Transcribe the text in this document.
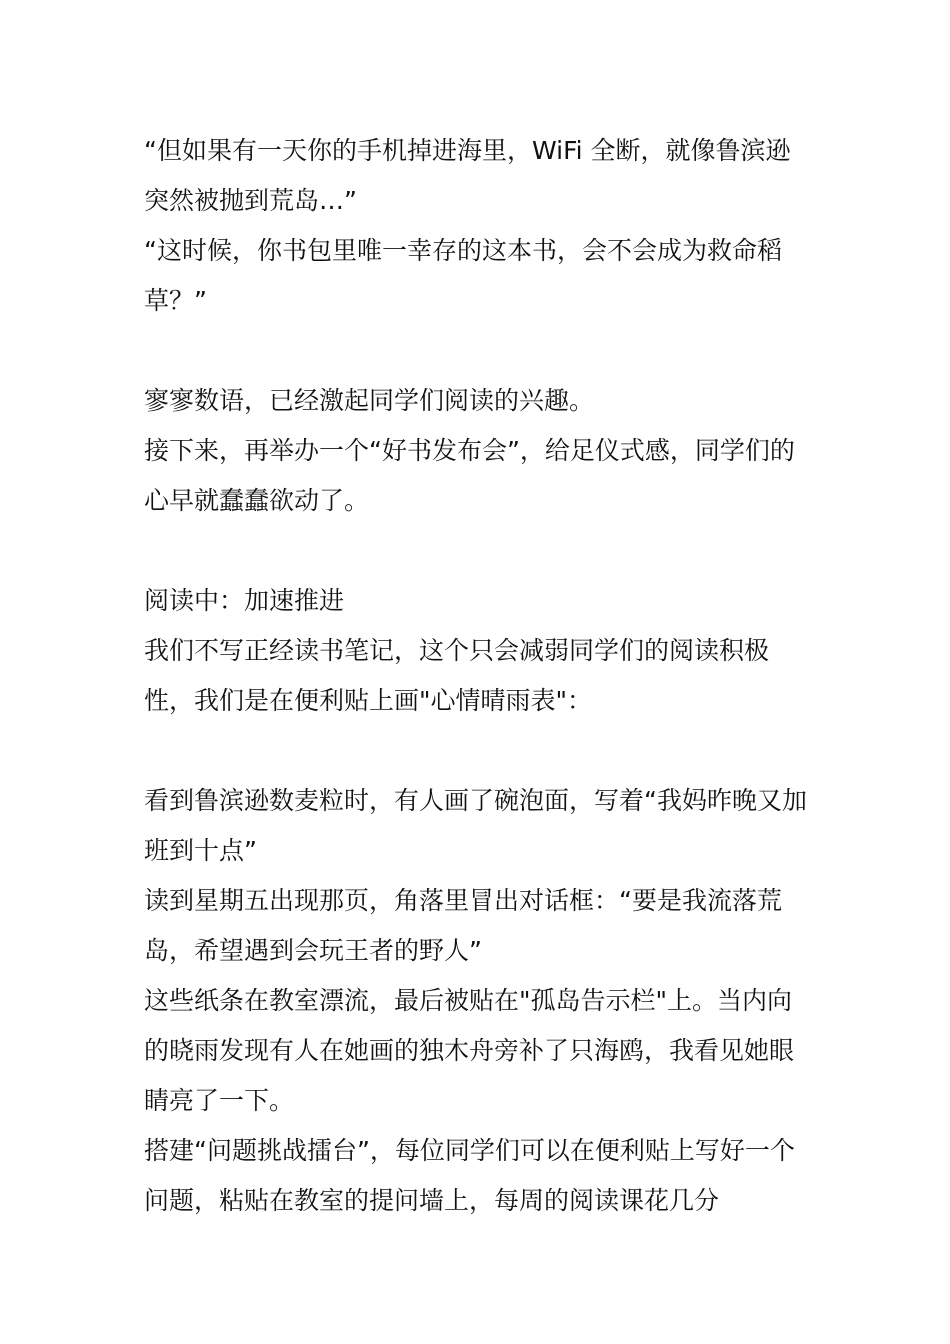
“但如果有一天你的手机掉进海里，WiFi 全断，就像鲁滨逊突然被抛到荒岛…”

“这时候，你书包里唯一幸存的这本书，会不会成为救命稻草？”

寥寥数语，已经激起同学们阅读的兴趣。

接下来，再举办一个“好书发布会”，给足仪式感，同学们的心早就蠢蠢欲动了。

阅读中：加速推进

我们不写正经读书笔记，这个只会减弱同学们的阅读积极性，我们是在便利贴上画"心情晴雨表"：

看到鲁滨逊数麦粒时，有人画了碗泡面，写着“我妈昨晚又加班到十点”

读到星期五出现那页，角落里冒出对话框：“要是我流落荒岛，希望遇到会玩王者的野人”

这些纸条在教室漂流，最后被贴在"孤岛告示栏"上。当内向的晓雨发现有人在她画的独木舟旁补了只海鸥，我看见她眼睛亮了一下。

搭建“问题挑战擂台”，每位同学们可以在便利贴上写好一个问题，粘贴在教室的提问墙上，每周的阅读课花几分
